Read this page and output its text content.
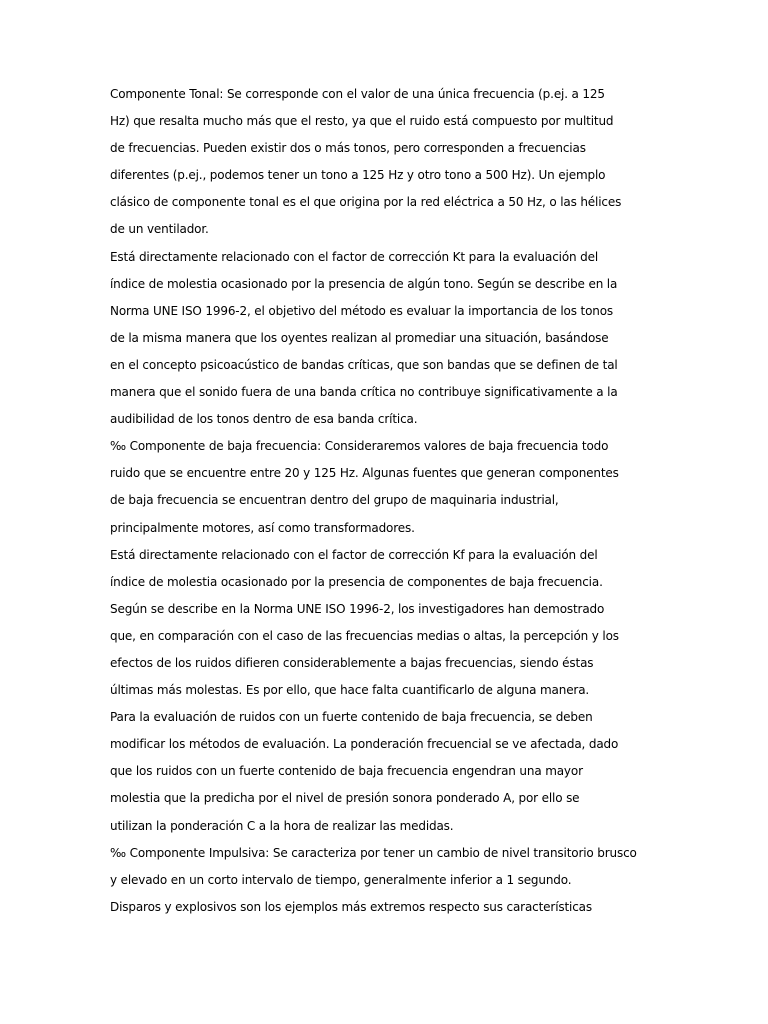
Componente Tonal: Se corresponde con el valor de una única frecuencia (p.ej. a 125
Hz) que resalta mucho más que el resto, ya que el ruido está compuesto por multitud
de frecuencias. Pueden existir dos o más tonos, pero corresponden a frecuencias
diferentes (p.ej., podemos tener un tono a 125 Hz y otro tono a 500 Hz). Un ejemplo
clásico de componente tonal es el que origina por la red eléctrica a 50 Hz, o las hélices
de un ventilador.
Está directamente relacionado con el factor de corrección Kt para la evaluación del
índice de molestia ocasionado por la presencia de algún tono. Según se describe en la
Norma UNE ISO 1996-2, el objetivo del método es evaluar la importancia de los tonos
de la misma manera que los oyentes realizan al promediar una situación, basándose
en el concepto psicoacústico de bandas críticas, que son bandas que se definen de tal
manera que el sonido fuera de una banda crítica no contribuye significativamente a la
audibilidad de los tonos dentro de esa banda crítica.
‰ Componente de baja frecuencia: Consideraremos valores de baja frecuencia todo
ruido que se encuentre entre 20 y 125 Hz. Algunas fuentes que generan componentes
de baja frecuencia se encuentran dentro del grupo de maquinaria industrial,
principalmente motores, así como transformadores.
Está directamente relacionado con el factor de corrección Kf para la evaluación del
índice de molestia ocasionado por la presencia de componentes de baja frecuencia.
Según se describe en la Norma UNE ISO 1996-2, los investigadores han demostrado
que, en comparación con el caso de las frecuencias medias o altas, la percepción y los
efectos de los ruidos difieren considerablemente a bajas frecuencias, siendo éstas
últimas más molestas. Es por ello, que hace falta cuantificarlo de alguna manera.
Para la evaluación de ruidos con un fuerte contenido de baja frecuencia, se deben
modificar los métodos de evaluación. La ponderación frecuencial se ve afectada, dado
que los ruidos con un fuerte contenido de baja frecuencia engendran una mayor
molestia que la predicha por el nivel de presión sonora ponderado A, por ello se
utilizan la ponderación C a la hora de realizar las medidas.
‰ Componente Impulsiva: Se caracteriza por tener un cambio de nivel transitorio brusco
y elevado en un corto intervalo de tiempo, generalmente inferior a 1 segundo.
Disparos y explosivos son los ejemplos más extremos respecto sus características
